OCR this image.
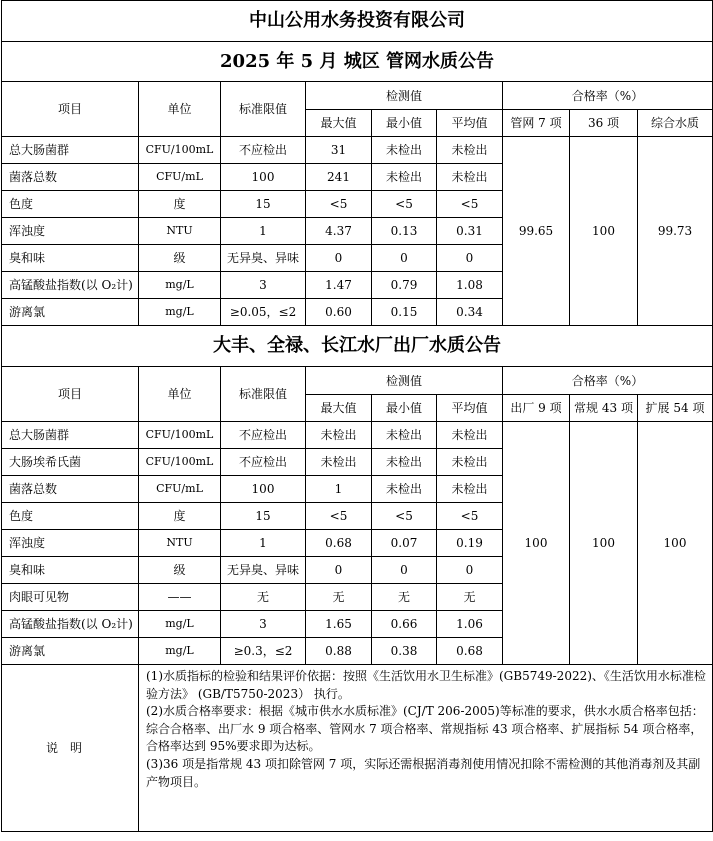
中山公用水务投资有限公司								
2025 年 5 月 城区 管网水质公告								
项目	单位	标准限值	检测值			合格率（%）		
			最大值	最小值	平均值	管网 7 项	36 项	综合水质
总大肠菌群	CFU/100mL	不应检出	31	未检出	未检出	99.65	100	99.73
菌落总数	CFU/mL	100	241	未检出	未检出			
色度	度	15	<5	<5	<5			
浑浊度	NTU	1	4.37	0.13	0.31			
臭和味	级	无异臭、异味	0	0	0			
高锰酸盐指数(以 O₂计)	mg/L	3	1.47	0.79	1.08			
游离氯	mg/L	≥0.05，≤2	0.60	0.15	0.34			
大丰、全禄、长江水厂出厂水质公告								
项目	单位	标准限值	检测值			合格率（%）		
			最大值	最小值	平均值	出厂 9 项	常规 43 项	扩展 54 项
总大肠菌群	CFU/100mL	不应检出	未检出	未检出	未检出	100	100	100
大肠埃希氏菌	CFU/100mL	不应检出	未检出	未检出	未检出			
菌落总数	CFU/mL	100	1	未检出	未检出			
色度	度	15	<5	<5	<5			
浑浊度	NTU	1	0.68	0.07	0.19			
臭和味	级	无异臭、异味	0	0	0			
肉眼可见物	——	无	无	无	无			
高锰酸盐指数(以 O₂计)	mg/L	3	1.65	0.66	1.06			
游离氯	mg/L	≥0.3，≤2	0.88	0.38	0.68			
说明	(1)水质指标的检验和结果评价依据：按照《生活饮用水卫生标准》(GB5749-2022)、《生活饮用水标准检验方法》 (GB/T5750-2023） 执行。

(2)水质合格率要求：根据《城市供水水质标准》(CJ/T 206-2005)等标准的要求，供水水质合格率包括：综合合格率、出厂水 9 项合格率、管网水 7 项合格率、常规指标 43 项合格率、扩展指标 54 项合格率，合格率达到 95%要求即为达标。

(3)36 项是指常规 43 项扣除管网 7 项，实际还需根据消毒剂使用情况扣除不需检测的其他消毒剂及其副产物项目。							
